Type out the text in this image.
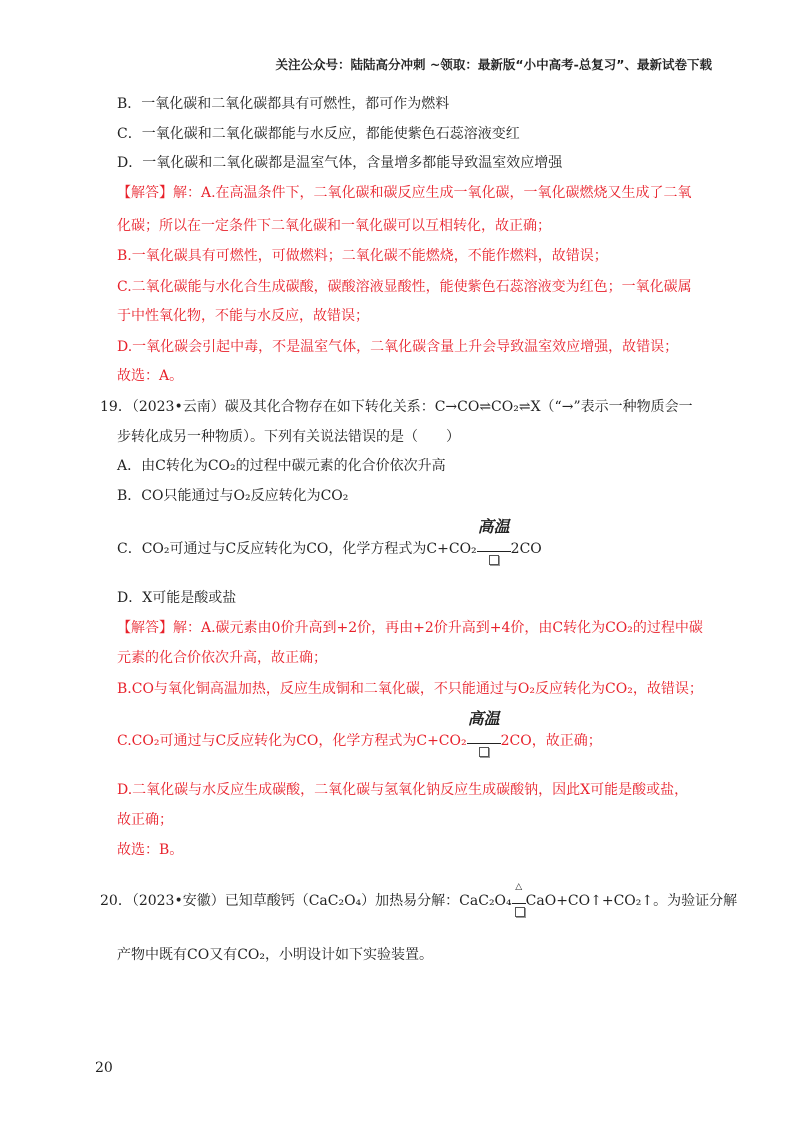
关注公众号：陆陆高分冲刺 ~领取：最新版“小中高考-总复习”、最新试卷下载
B．一氧化碳和二氧化碳都具有可燃性，都可作为燃料
C．一氧化碳和二氧化碳都能与水反应，都能使紫色石蕊溶液变红
D．一氧化碳和二氧化碳都是温室气体，含量增多都能导致温室效应增强
【解答】解：A.在高温条件下，二氧化碳和碳反应生成一氧化碳，一氧化碳燃烧又生成了二氧
化碳；所以在一定条件下二氧化碳和一氧化碳可以互相转化，故正确；
B.一氧化碳具有可燃性，可做燃料；二氧化碳不能燃烧，不能作燃料，故错误；
C.二氧化碳能与水化合生成碳酸，碳酸溶液显酸性，能使紫色石蕊溶液变为红色；一氧化碳属
于中性氧化物，不能与水反应，故错误；
D.一氧化碳会引起中毒，不是温室气体，二氧化碳含量上升会导致温室效应增强，故错误；
故选：A。
19．（2023•云南）碳及其化合物存在如下转化关系：C→CO⇌CO₂⇌X（“→”表示一种物质会一
步转化成另一种物质）。下列有关说法错误的是（　　）
A．由C转化为CO₂的过程中碳元素的化合价依次升高
B．CO只能通过与O₂反应转化为CO₂
C．CO₂可通过与C反应转化为CO，化学方程式为C+CO₂
高温
2CO
D．X可能是酸或盐
【解答】解：A.碳元素由0价升高到+2价，再由+2价升高到+4价，由C转化为CO₂的过程中碳
元素的化合价依次升高，故正确；
B.CO与氧化铜高温加热，反应生成铜和二氧化碳，不只能通过与O₂反应转化为CO₂，故错误；
C.CO₂可通过与C反应转化为CO，化学方程式为C+CO₂
高温
2CO，故正确；
D.二氧化碳与水反应生成碳酸，二氧化碳与氢氧化钠反应生成碳酸钠，因此X可能是酸或盐，
故正确；
故选：B。
20．（2023•安徽）已知草酸钙（CaC₂O₄）加热易分解：CaC₂O₄
△
CaO+CO↑+CO₂↑。为验证分解
产物中既有CO又有CO₂，小明设计如下实验装置。
20
